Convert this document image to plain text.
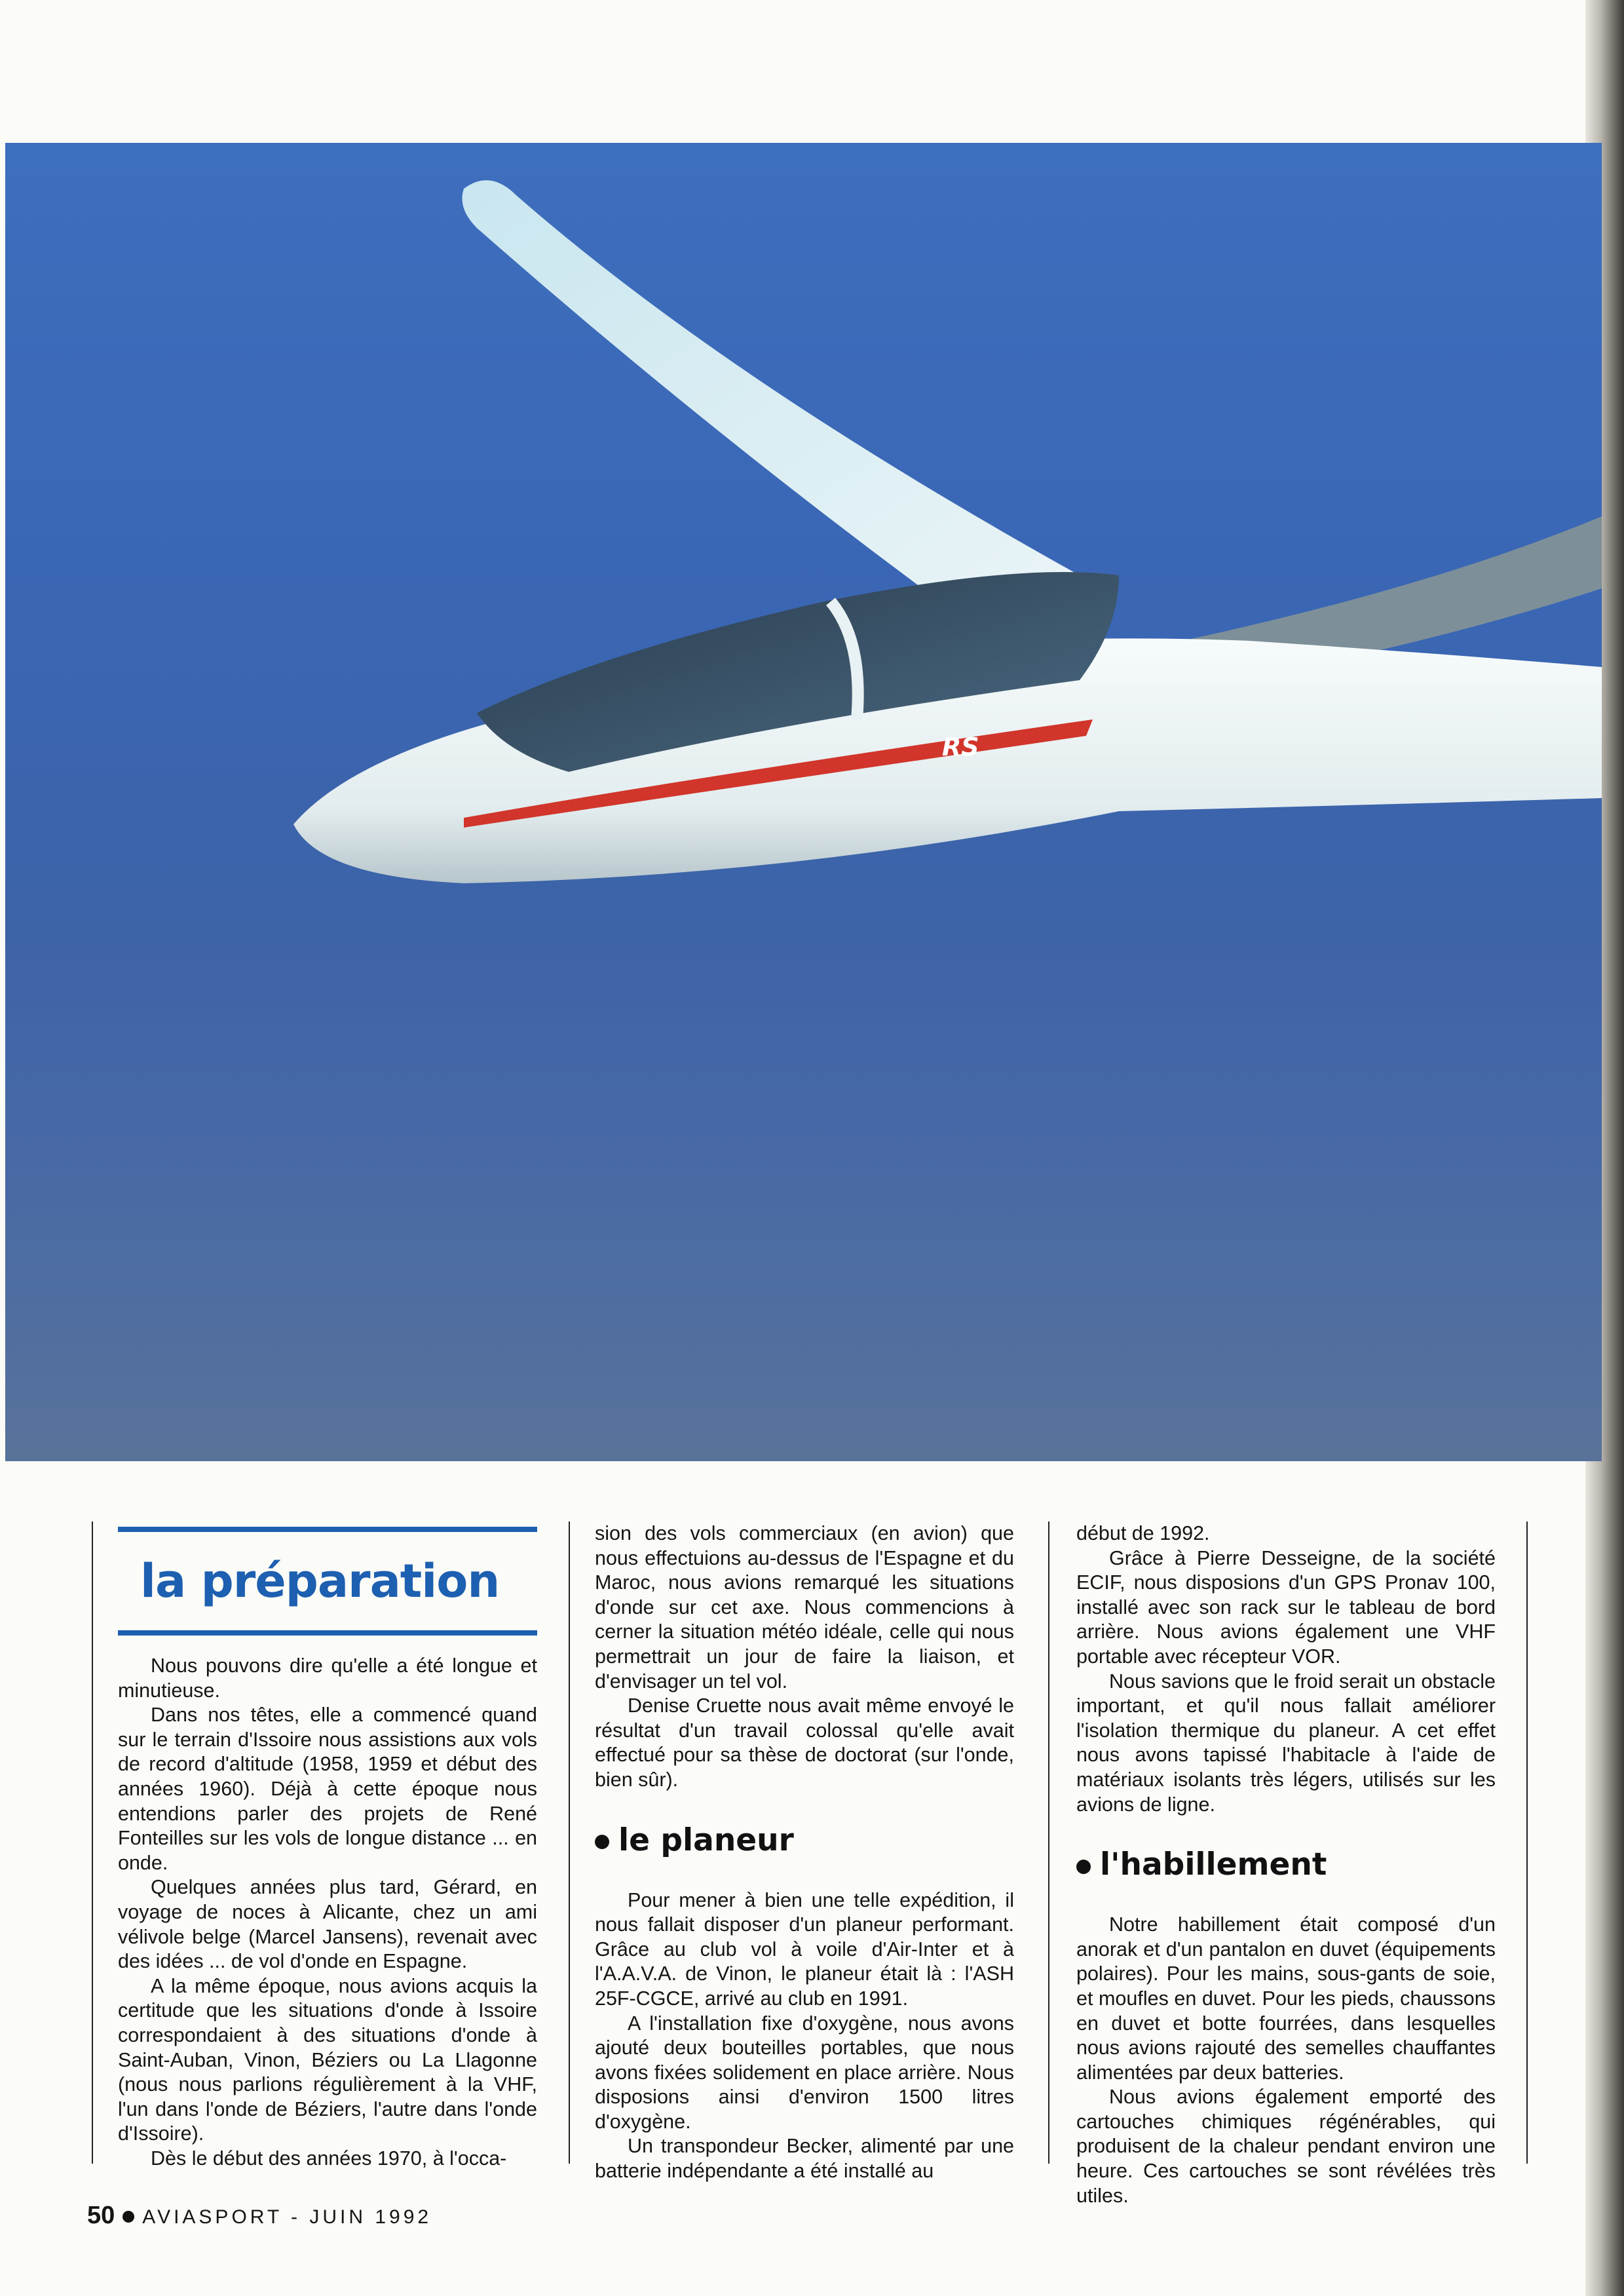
RS
la préparation

Nous pouvons dire qu'elle a été longue et minutieuse.

Dans nos têtes, elle a commencé quand sur le terrain d'Issoire nous assistions aux vols de record d'altitude (1958, 1959 et début des années 1960). Déjà à cette époque nous entendions parler des projets de René Fonteilles sur les vols de longue distance ... en onde.

Quelques années plus tard, Gérard, en voyage de noces à Alicante, chez un ami vélivole belge (Marcel Jansens), revenait avec des idées ... de vol d'onde en Espagne.

A la même époque, nous avions acquis la certitude que les situations d'onde à Issoire correspondaient à des situations d'onde à Saint-Auban, Vinon, Béziers ou La Llagonne (nous nous parlions régulièrement à la VHF, l'un dans l'onde de Béziers, l'autre dans l'onde d'Issoire).

Dès le début des années 1970, à l'occa-

sion des vols commerciaux (en avion) que nous effectuions au-dessus de l'Espagne et du Maroc, nous avions remarqué les situations d'onde sur cet axe. Nous commencions à cerner la situation météo idéale, celle qui nous permettrait un jour de faire la liaison, et d'envisager un tel vol.

Denise Cruette nous avait même envoyé le résultat d'un travail colossal qu'elle avait effectué pour sa thèse de doctorat (sur l'onde, bien sûr).

le planeur

Pour mener à bien une telle expédition, il nous fallait disposer d'un planeur performant. Grâce au club vol à voile d'Air-Inter et à l'A.A.V.A. de Vinon, le planeur était là : l'ASH 25F-CGCE, arrivé au club en 1991.

A l'installation fixe d'oxygène, nous avons ajouté deux bouteilles portables, que nous avons fixées solidement en place arrière. Nous disposions ainsi d'environ 1500 litres d'oxygène.

Un transpondeur Becker, alimenté par une batterie indépendante a été installé au

début de 1992.

Grâce à Pierre Desseigne, de la société ECIF, nous disposions d'un GPS Pronav 100, installé avec son rack sur le tableau de bord arrière. Nous avions également une VHF portable avec récepteur VOR.

Nous savions que le froid serait un obstacle important, et qu'il nous fallait améliorer l'isolation thermique du planeur. A cet effet nous avons tapissé l'habitacle à l'aide de matériaux isolants très légers, utilisés sur les avions de ligne.

l'habillement

Notre habillement était composé d'un anorak et d'un pantalon en duvet (équipements polaires). Pour les mains, sous-gants de soie, et moufles en duvet. Pour les pieds, chaussons en duvet et botte fourrées, dans lesquelles nous avions rajouté des semelles chauffantes alimentées par deux batteries.

Nous avions également emporté des cartouches chimiques régénérables, qui produisent de la chaleur pendant environ une heure. Ces cartouches se sont révélées très utiles.

50 AVIASPORT - JUIN 1992
